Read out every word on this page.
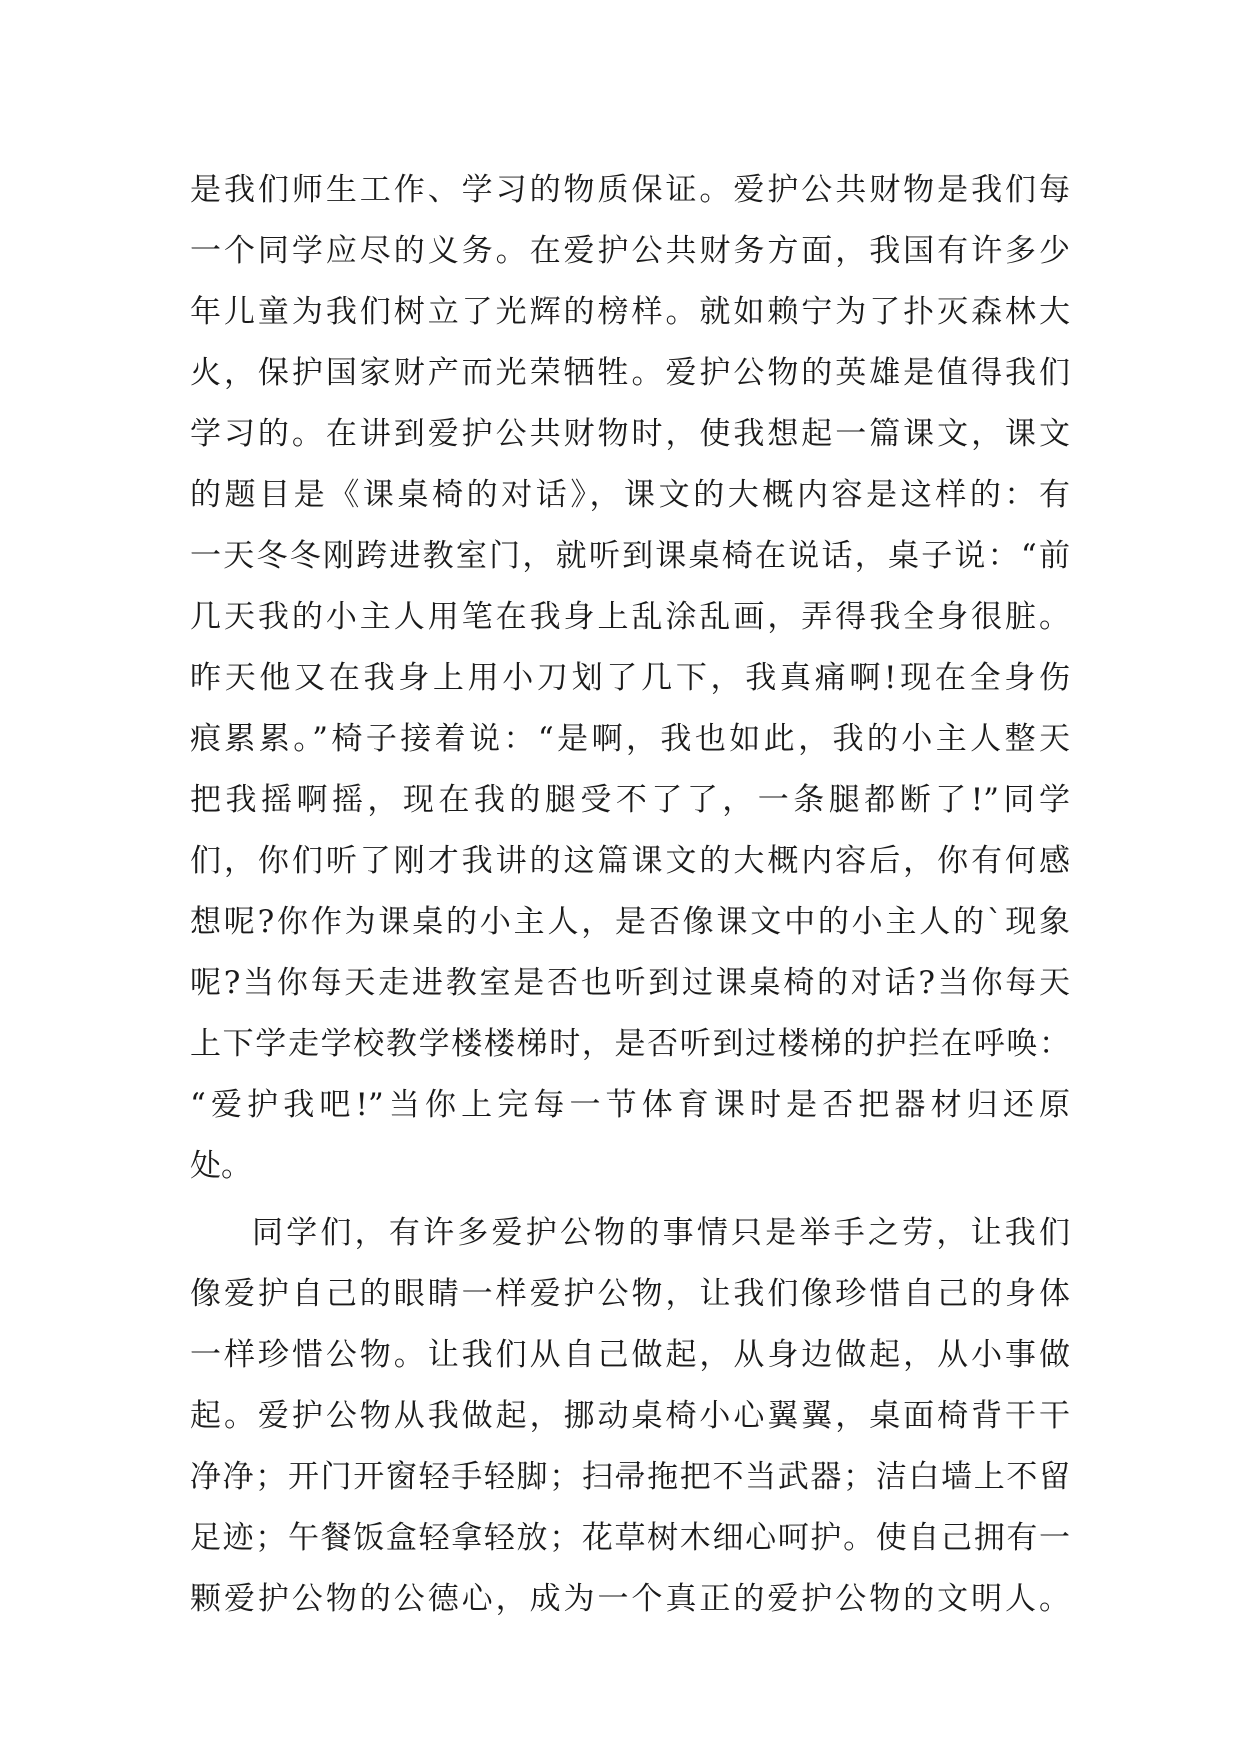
是我们师生工作、学习的物质保证。爱护公共财物是我们每
一个同学应尽的义务。在爱护公共财务方面，我国有许多少
年儿童为我们树立了光辉的榜样。就如赖宁为了扑灭森林大
火，保护国家财产而光荣牺牲。爱护公物的英雄是值得我们
学习的。在讲到爱护公共财物时，使我想起一篇课文，课文
的题目是《课桌椅的对话》，课文的大概内容是这样的：有
一天冬冬刚跨进教室门，就听到课桌椅在说话，桌子说：“前
几天我的小主人用笔在我身上乱涂乱画，弄得我全身很脏。
昨天他又在我身上用小刀划了几下，我真痛啊!现在全身伤
痕累累。”椅子接着说：“是啊，我也如此，我的小主人整天
把我摇啊摇，现在我的腿受不了了，一条腿都断了!”同学
们，你们听了刚才我讲的这篇课文的大概内容后，你有何感
想呢?你作为课桌的小主人，是否像课文中的小主人的`现象
呢?当你每天走进教室是否也听到过课桌椅的对话?当你每天
上下学走学校教学楼楼梯时，是否听到过楼梯的护拦在呼唤：
“爱护我吧!”当你上完每一节体育课时是否把器材归还原
处。
同学们，有许多爱护公物的事情只是举手之劳，让我们
像爱护自己的眼睛一样爱护公物，让我们像珍惜自己的身体
一样珍惜公物。让我们从自己做起，从身边做起，从小事做
起。爱护公物从我做起，挪动桌椅小心翼翼，桌面椅背干干
净净；开门开窗轻手轻脚；扫帚拖把不当武器；洁白墙上不留
足迹；午餐饭盒轻拿轻放；花草树木细心呵护。使自己拥有一
颗爱护公物的公德心，成为一个真正的爱护公物的文明人。
